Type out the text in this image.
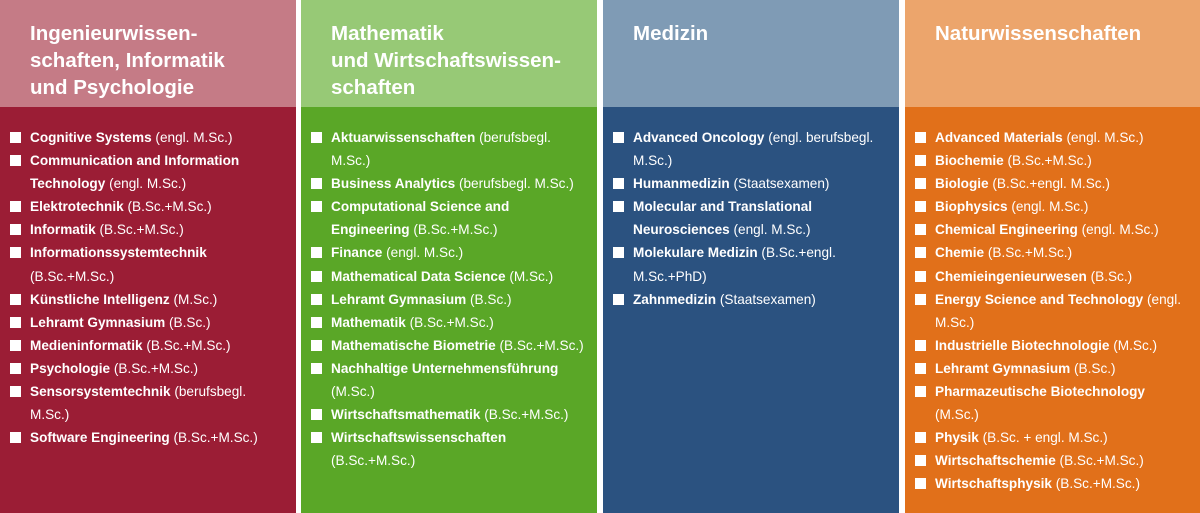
Ingenieurwissen-
schaften, Informatik
und Psychologie
Cognitive Systems (engl. M.Sc.)
Communication and Information Technology (engl. M.Sc.)
Elektrotechnik (B.Sc.+M.Sc.)
Informatik (B.Sc.+M.Sc.)
Informationssystemtechnik (B.Sc.+M.Sc.)
Künstliche Intelligenz (M.Sc.)
Lehramt Gymnasium (B.Sc.)
Medieninformatik (B.Sc.+M.Sc.)
Psychologie (B.Sc.+M.Sc.)
Sensorsystemtechnik (berufsbegl. M.Sc.)
Software Engineering (B.Sc.+M.Sc.)
Mathematik
und Wirtschaftswissen-
schaften
Aktuarwissenschaften (berufsbegl. M.Sc.)
Business Analytics (berufsbegl. M.Sc.)
Computational Science and Engineering (B.Sc.+M.Sc.)
Finance (engl. M.Sc.)
Mathematical Data Science (M.Sc.)
Lehramt Gymnasium (B.Sc.)
Mathematik (B.Sc.+M.Sc.)
Mathematische Biometrie (B.Sc.+M.Sc.)
Nachhaltige Unternehmensführung (M.Sc.)
Wirtschaftsmathematik (B.Sc.+M.Sc.)
Wirtschaftswissenschaften (B.Sc.+M.Sc.)
Medizin
Advanced Oncology (engl. berufsbegl. M.Sc.)
Humanmedizin (Staatsexamen)
Molecular and Translational Neurosciences (engl. M.Sc.)
Molekulare Medizin (B.Sc.+engl. M.Sc.+PhD)
Zahnmedizin (Staatsexamen)
Naturwissenschaften
Advanced Materials (engl. M.Sc.)
Biochemie (B.Sc.+M.Sc.)
Biologie (B.Sc.+engl. M.Sc.)
Biophysics (engl. M.Sc.)
Chemical Engineering (engl. M.Sc.)
Chemie (B.Sc.+M.Sc.)
Chemieingenieurwesen (B.Sc.)
Energy Science and Technology (engl. M.Sc.)
Industrielle Biotechnologie (M.Sc.)
Lehramt Gymnasium (B.Sc.)
Pharmazeutische Biotechnology (M.Sc.)
Physik (B.Sc. + engl. M.Sc.)
Wirtschaftschemie (B.Sc.+M.Sc.)
Wirtschaftsphysik (B.Sc.+M.Sc.)
